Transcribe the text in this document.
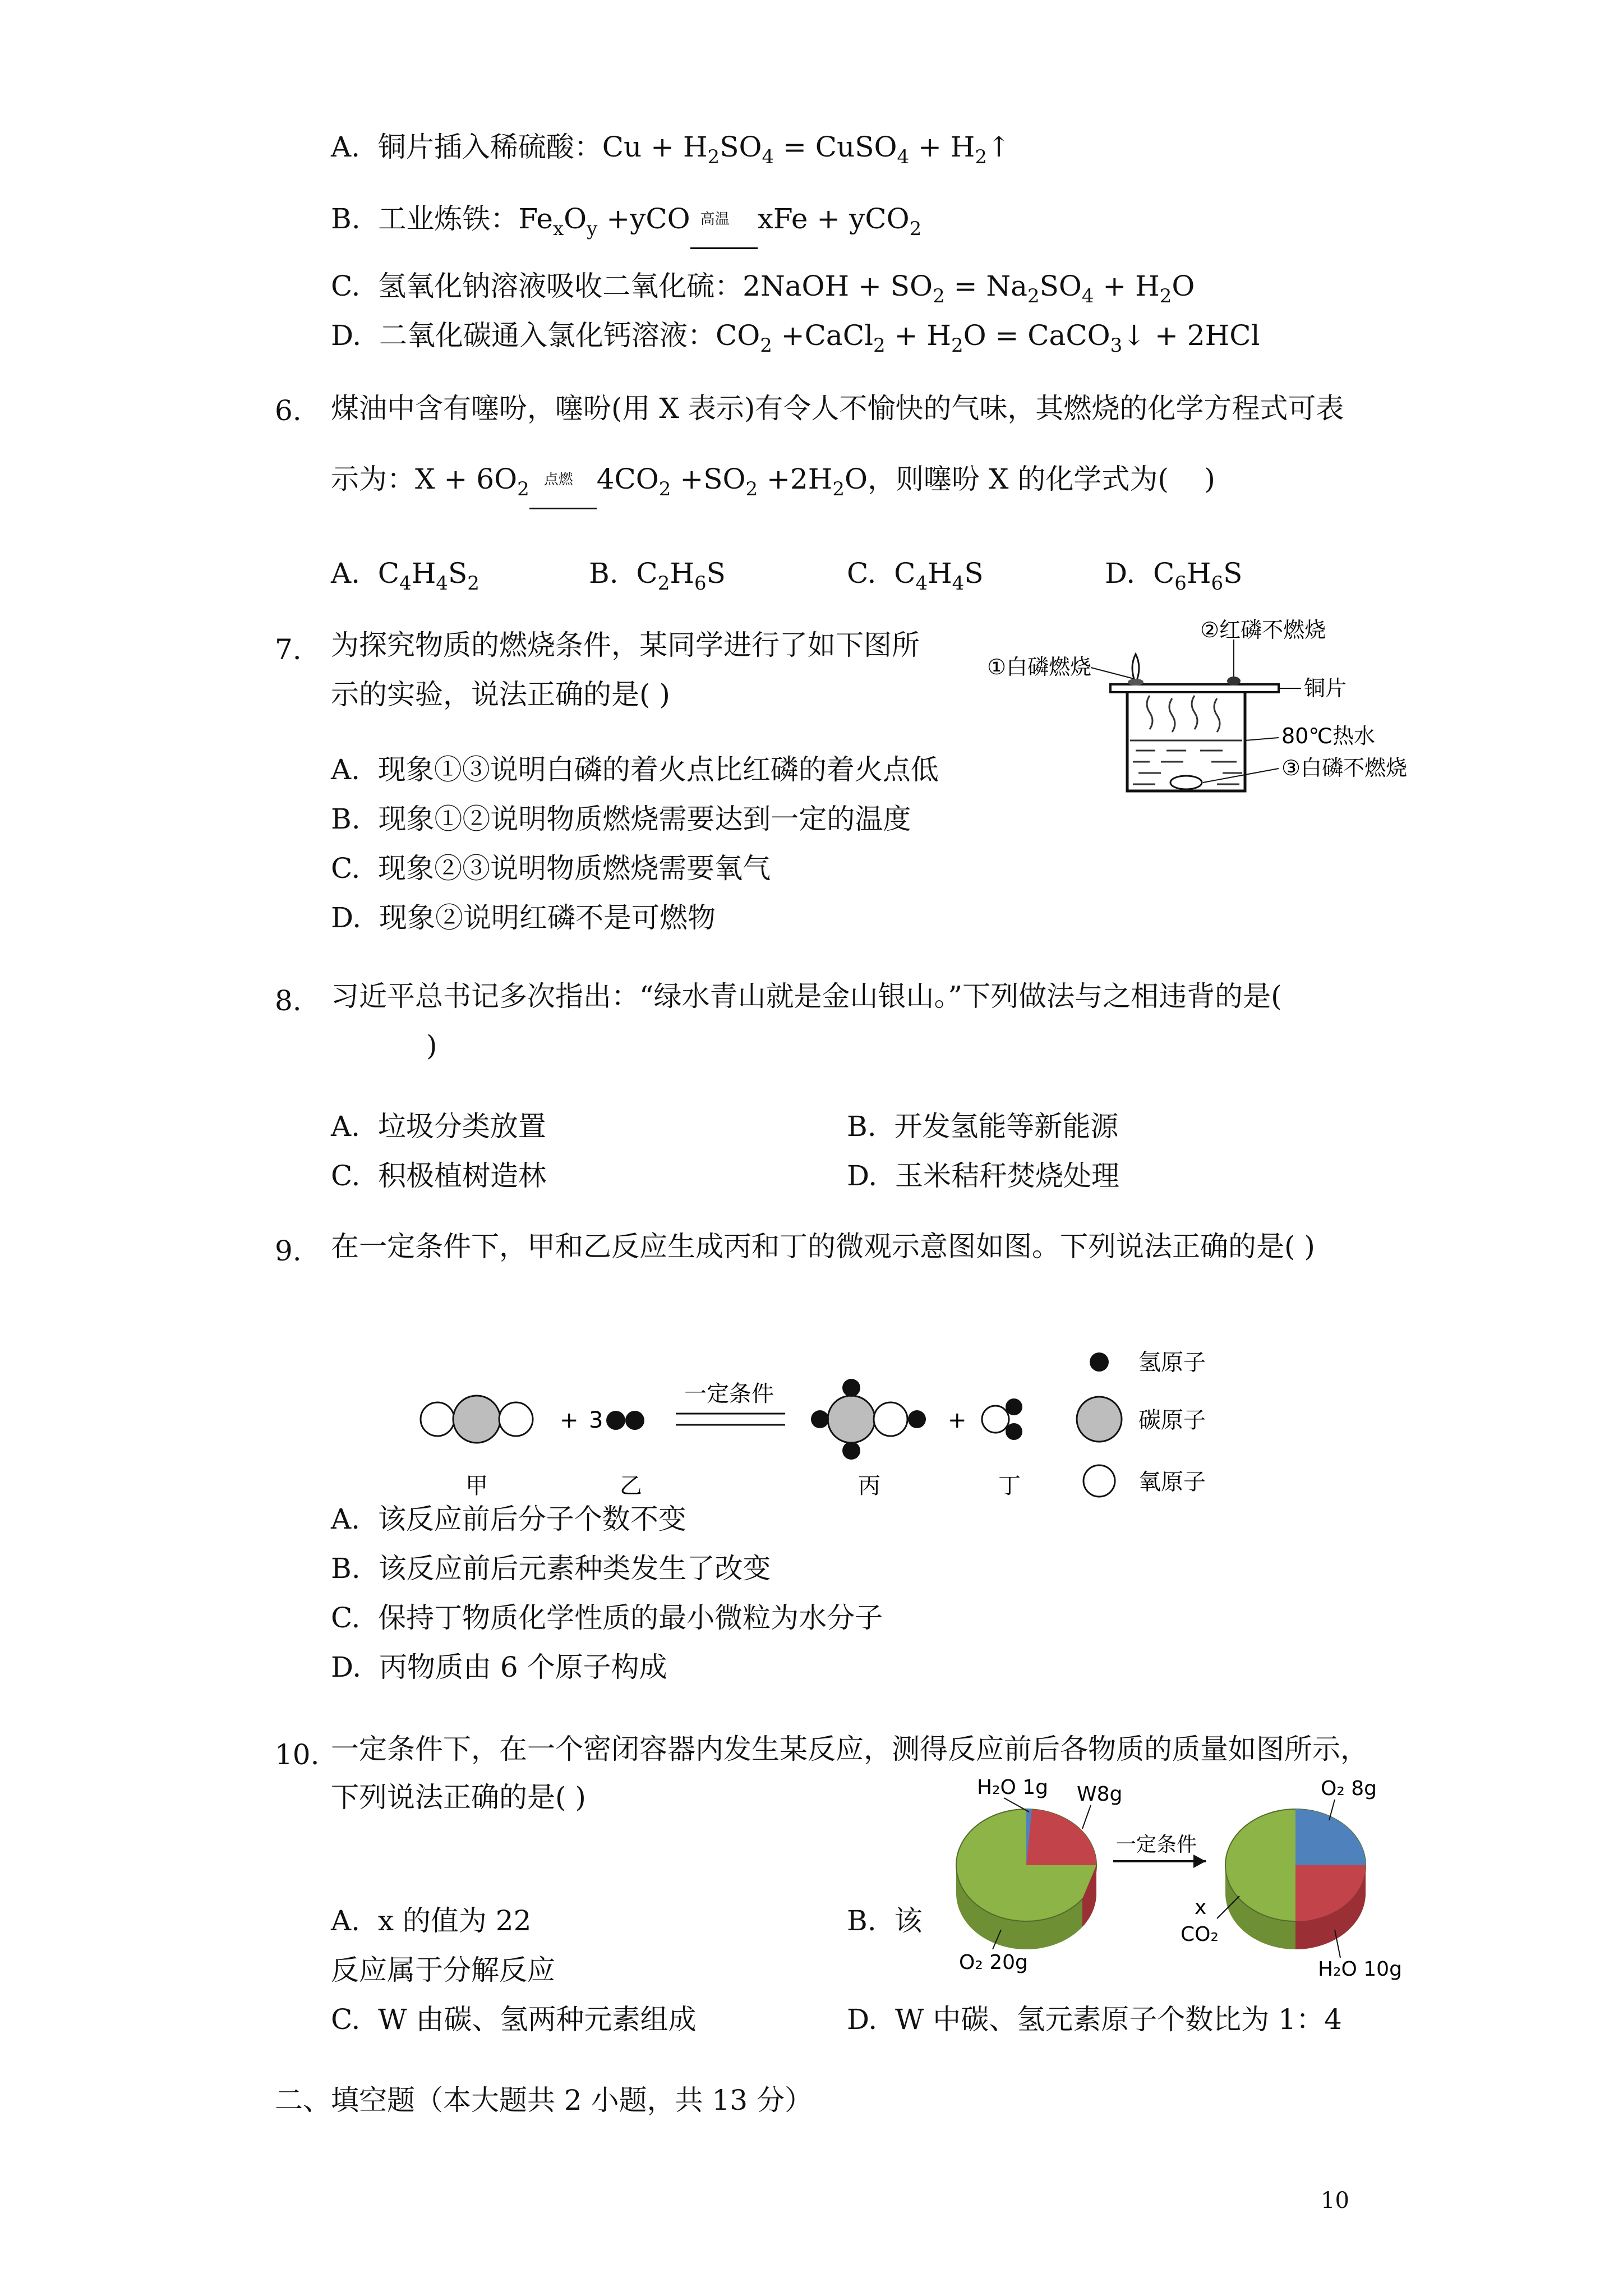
A.  铜片插入稀硫酸：$Cu + H_2SO_4$ = CuSO$_4$ + $H_2↑$
B.  工业炼铁：$Fe_xO_y +yCO$ 高温 xFe + yCO$_2$
C.  氢氧化钠溶液吸收二氧化硫：2NaOH + $SO_2 = Na_2SO_4 + H_2O$
D.  二氧化碳通入氯化钙溶液：$CO_2$ +CaCl$_2$ + $H_2O$ = CaCO$_3$↓ + 2HCl
6. 煤油中含有噻吩，噻吩(用 X 表示)有令人不愉快的气味，其燃烧的化学方程式可表
示为：$X + 6O_2$ 点燃 $4CO_2 +SO_2 +2H_2O$，则噻吩 X 的化学式为(    )
A.  $C_4H_4S_2$	B.  $C_2H_6S$	C.  $C_4H_4S$	D.  $C_6H_6S$
7. 为探究物质的燃烧条件，某同学进行了如下图所
示的实验，说法正确的是( )
A. 现象①③说明白磷的着火点比红磷的着火点低
B. 现象①②说明物质燃烧需要达到一定的温度
C. 现象②③说明物质燃烧需要氧气
D. 现象②说明红磷不是可燃物
①白磷燃烧
②红磷不燃烧
铜片
80℃热水
③白磷不燃烧
8. 习近平总书记多次指出：“绿水青山就是金山银山。”下列做法与之相违背的是(
)
A. 垃圾分类放置	B. 开发氢能等新能源
C. 积极植树造林	D. 玉米秸秆焚烧处理
9. 在一定条件下，甲和乙反应生成丙和丁的微观示意图如图。下列说法正确的是( )
+ 3
一定条件
+
甲	乙	丙	丁
氢原子
碳原子
氧原子
A. 该反应前后分子个数不变
B. 该反应前后元素种类发生了改变
C. 保持丁物质化学性质的最小微粒为水分子
D. 丙物质由 6 个原子构成
10. 一定条件下，在一个密闭容器内发生某反应，测得反应前后各物质的质量如图所示，
下列说法正确的是( )
A. x 的值为 22	B. 该
反应属于分解反应
C. W 由碳、氢两种元素组成	D. W 中碳、氢元素原子个数比为 1：4
H₂O 1g W8g
O₂ 20g
一定条件
O₂ 8g
x
CO₂
H₂O 10g
二、填空题（本大题共 2 小题，共 13 分）
10
